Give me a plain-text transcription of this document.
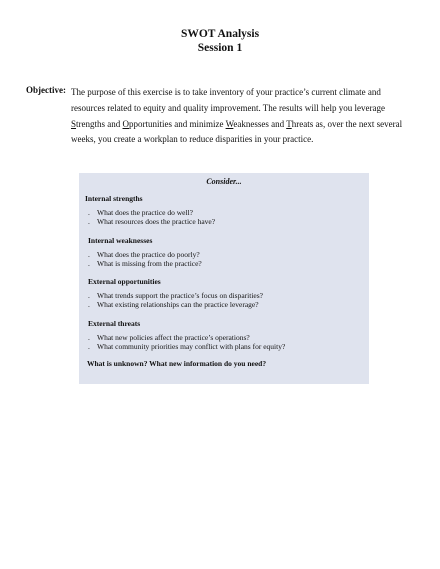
SWOT Analysis
Session 1
Objective: The purpose of this exercise is to take inventory of your practice’s current climate and
resources related to equity and quality improvement. The results will help you leverage
Strengths and Opportunities and minimize Weaknesses and Threats as, over the next several
weeks, you create a workplan to reduce disparities in your practice.
Consider...
Internal strengths
. What does the practice do well?
. What resources does the practice have?
Internal weaknesses
. What does the practice do poorly?
. What is missing from the practice?
External opportunities
. What trends support the practice’s focus on disparities?
. What existing relationships can the practice leverage?
External threats
. What new policies affect the practice’s operations?
. What community priorities may conflict with plans for equity?
What is unknown? What new information do you need?
